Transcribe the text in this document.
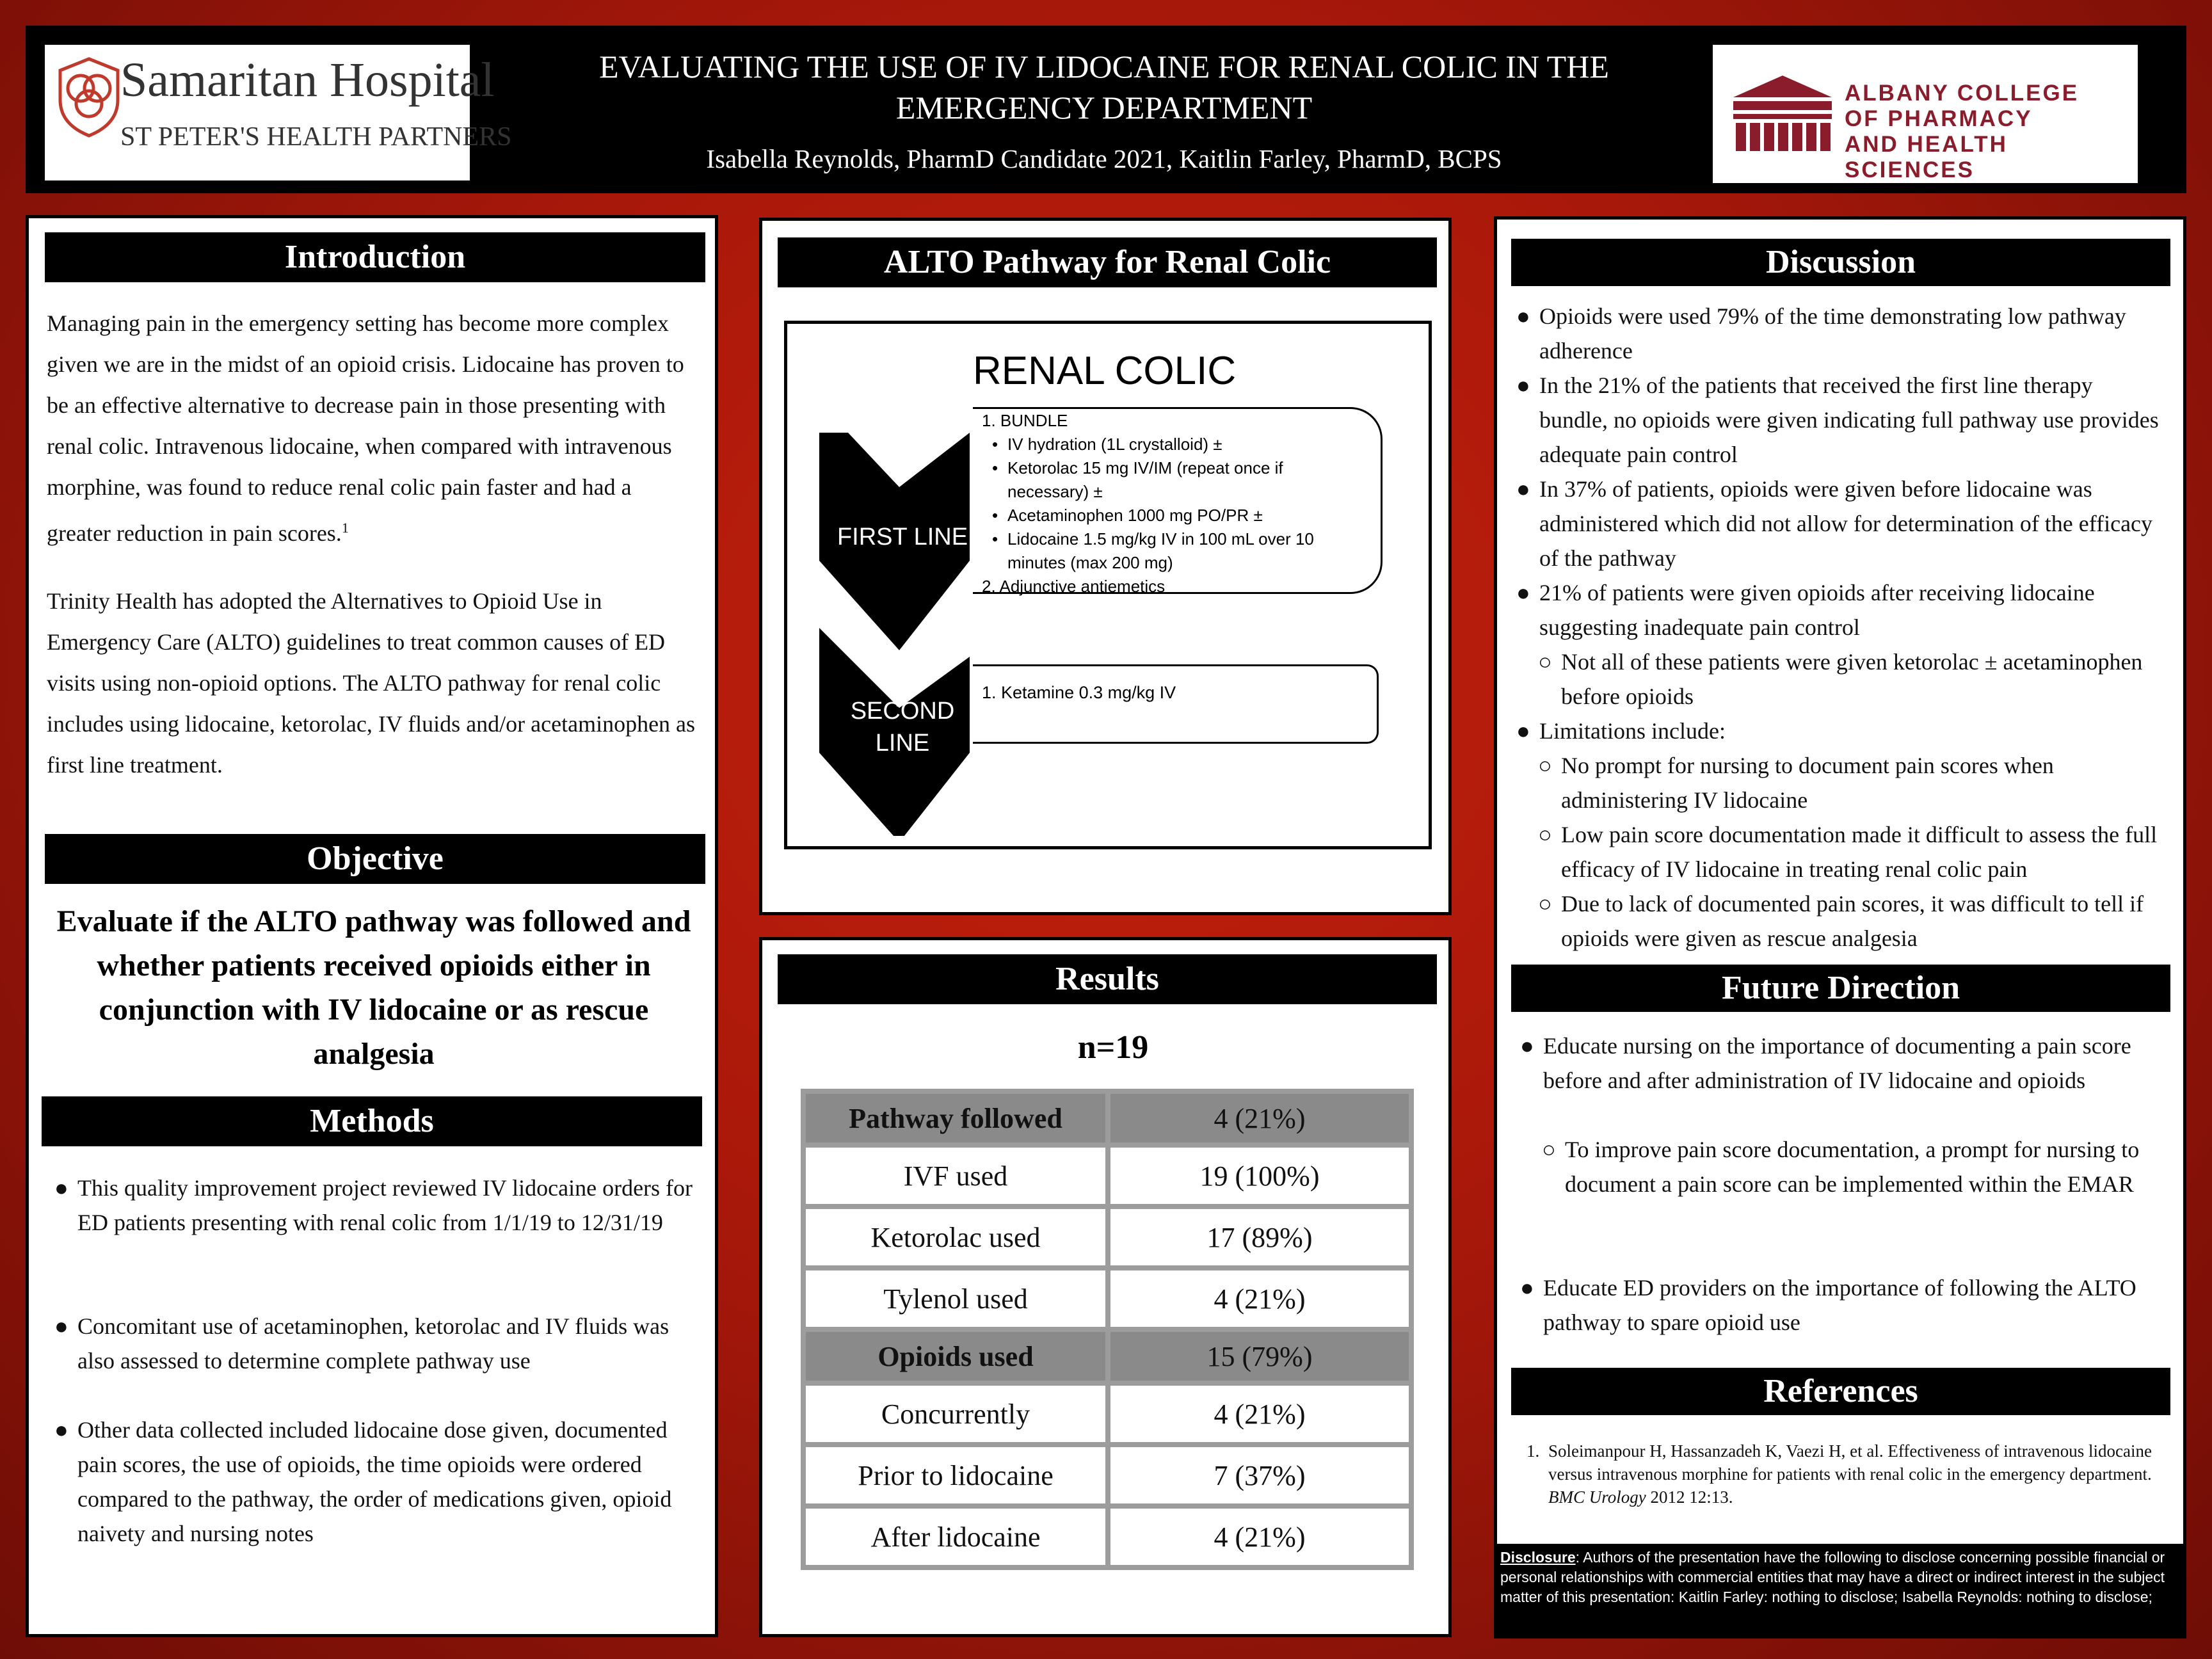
Samaritan Hospital
ST PETER'S HEALTH PARTNERS
EVALUATING THE USE OF IV LIDOCAINE FOR RENAL COLIC IN THE EMERGENCY DEPARTMENT
Isabella Reynolds, PharmD Candidate 2021, Kaitlin Farley, PharmD, BCPS
ALBANY COLLEGE
OF PHARMACY
AND HEALTH SCIENCES
Introduction
Managing pain in the emergency setting has become more complex given we are in the midst of an opioid crisis. Lidocaine has proven to be an effective alternative to decrease pain in those presenting with renal colic. Intravenous lidocaine, when compared with intravenous morphine, was found to reduce renal colic pain faster and had a greater reduction in pain scores.$^1$
Trinity Health has adopted the Alternatives to Opioid Use in Emergency Care (ALTO) guidelines to treat common causes of ED visits using non-opioid options. The ALTO pathway for renal colic includes using lidocaine, ketorolac, IV fluids and/or acetaminophen as first line treatment.
Objective
Evaluate if the ALTO pathway was followed and whether patients received opioids either in conjunction with IV lidocaine or as rescue analgesia
Methods
● This quality improvement project reviewed IV lidocaine orders for ED patients presenting with renal colic from 1/1/19 to 12/31/19
● Concomitant use of acetaminophen, ketorolac and IV fluids was also assessed to determine complete pathway use
● Other data collected included lidocaine dose given, documented pain scores, the use of opioids, the time opioids were ordered compared to the pathway, the order of medications given, opioid naivety and nursing notes
ALTO Pathway for Renal Colic
RENAL COLIC
FIRST LINE
SECOND
LINE
1. BUNDLE
• IV hydration (1L crystalloid) ±
• Ketorolac 15 mg IV/IM (repeat once if
necessary) ±
• Acetaminophen 1000 mg PO/PR ±
• Lidocaine 1.5 mg/kg IV in 100 mL over 10
minutes (max 200 mg)
2. Adjunctive antiemetics
1. Ketamine 0.3 mg/kg IV
Results
n=19
Pathway followed	4 (21%)
IVF used	19 (100%)
Ketorolac used	17 (89%)
Tylenol used	4 (21%)
Opioids used	15 (79%)
Concurrently	4 (21%)
Prior to lidocaine	7 (37%)
After lidocaine	4 (21%)
Discussion
● Opioids were used 79% of the time demonstrating low pathway adherence
● In the 21% of the patients that received the first line therapy bundle, no opioids were given indicating full pathway use provides adequate pain control
● In 37% of patients, opioids were given before lidocaine was administered which did not allow for determination of the efficacy of the pathway
● 21% of patients were given opioids after receiving lidocaine suggesting inadequate pain control
○ Not all of these patients were given ketorolac ± acetaminophen before opioids
● Limitations include:
○ No prompt for nursing to document pain scores when administering IV lidocaine
○ Low pain score documentation made it difficult to assess the full efficacy of IV lidocaine in treating renal colic pain
○ Due to lack of documented pain scores, it was difficult to tell if opioids were given as rescue analgesia
Future Direction
● Educate nursing on the importance of documenting a pain score before and after administration of IV lidocaine and opioids
○ To improve pain score documentation, a prompt for nursing to document a pain score can be implemented within the EMAR
● Educate ED providers on the importance of following the ALTO pathway to spare opioid use
References
1. Soleimanpour H, Hassanzadeh K, Vaezi H, et al. Effectiveness of intravenous lidocaine versus intravenous morphine for patients with renal colic in the emergency department. BMC Urology 2012 12:13.
Disclosure: Authors of the presentation have the following to disclose concerning possible financial or personal relationships with commercial entities that may have a direct or indirect interest in the subject matter of this presentation: Kaitlin Farley: nothing to disclose; Isabella Reynolds: nothing to disclose;
